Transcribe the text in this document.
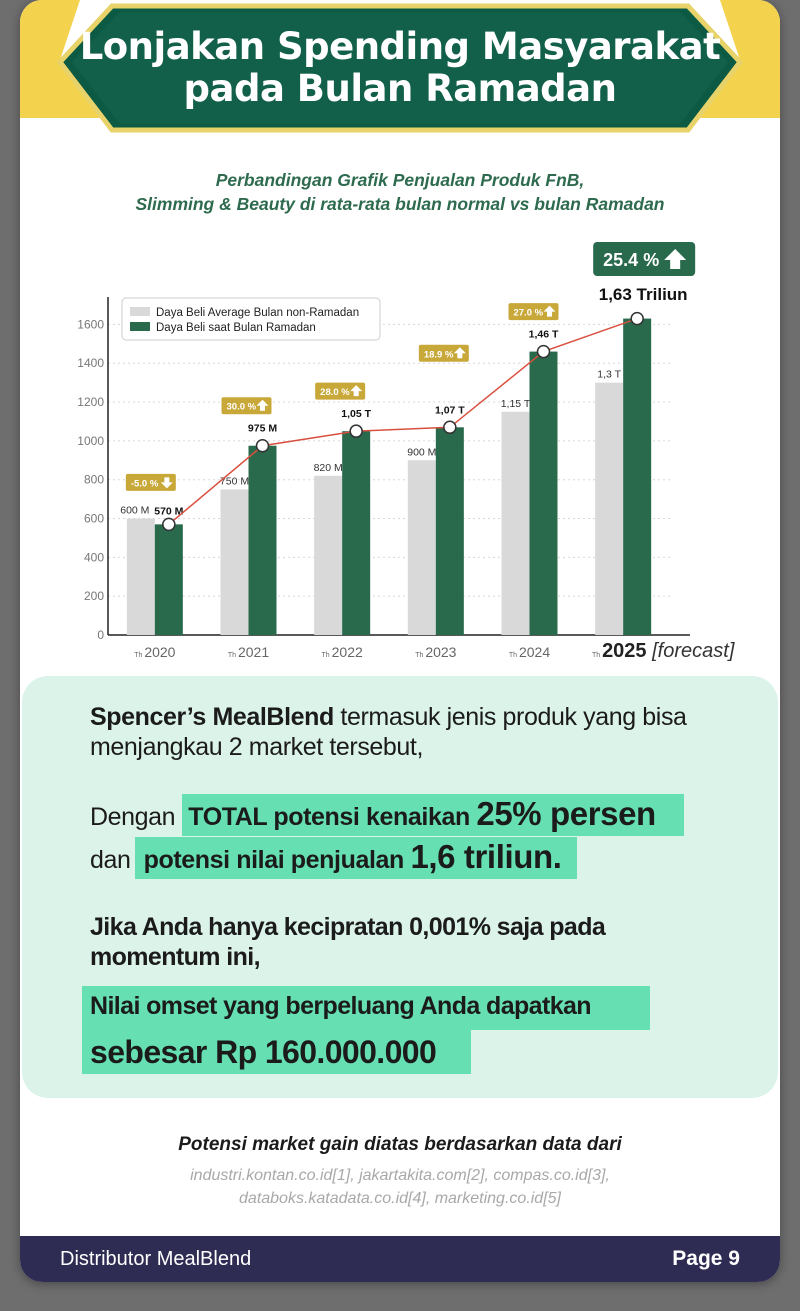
Lonjakan Spending Masyarakat
pada Bulan Ramadan
Perbandingan Grafik Penjualan Produk FnB,
Slimming & Beauty di rata-rata bulan normal vs bulan Ramadan
0
200
400
600
800
1000
1200
1400
1600
600 M 570 M
Th 2020
750 M
975 M
Th 2021
820 M
1,05 T
Th 2022
900 M
1,07 T
Th 2023
1,15 T
1,46 T
Th 2024
1,3 T
Th 2025 [forecast]
-5.0 %
30.0 %
28.0 %
18.9 %
27.0 %
25.4 %
1,63 Triliun
Daya Beli Average Bulan non-Ramadan
Daya Beli saat Bulan Ramadan
Spencer’s MealBlend termasuk jenis produk yang bisa menjangkau 2 market tersebut,
Dengan  TOTAL potensi kenaikan 25% persen
dan  potensi nilai penjualan 1,6 triliun.
Jika Anda hanya kecipratan 0,001% saja pada momentum ini,
Nilai omset yang berpeluang Anda dapatkan
sebesar Rp 160.000.000
Potensi market gain diatas berdasarkan data dari
industri.kontan.co.id[1], jakartakita.com[2], compas.co.id[3],
databoks.katadata.co.id[4], marketing.co.id[5]
Distributor MealBlend	Page 9
